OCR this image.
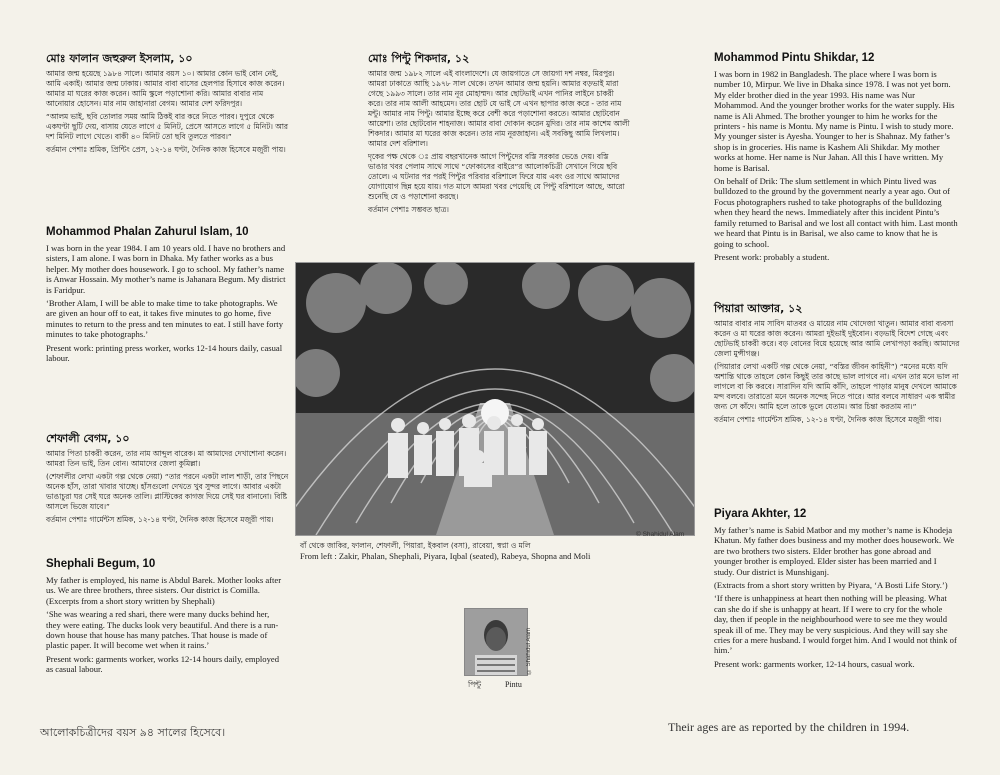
মোঃ ফালান জহুরুল ইসলাম, ১০

আমার জন্ম হয়েছে ১৯৮৪ সালে। আমার বয়স ১০। আমার কোন ভাই বোন নেই, আমি একাই। আমার জন্ম ঢাকায়। আমার বাবা বাসের হেলপার হিসাবে কাজ করেন। আমার মা ঘরের কাজ করেন। আমি স্কুলে পড়াশোনা করি। আমার বাবার নাম আনোয়ার হোসেন। মার নাম জাহানারা বেগম। আমার দেশ ফরিদপুর।

“আলম ভাই, ছবি তোলার সময় আমি ঠিকই বার করে নিতে পারব। দুপুরে থেকে একঘণ্টা ছুটি দেয়, বাসায় যেতে লাগে ৫ মিনিট, প্রেসে আসতে লাগে ৫ মিনিট। আর দশ মিনিট লাগে খেতে। বাকী ৪০ মিনিট তো ছবি তুলতে পারব।”

বর্তমান পেশাঃ শ্রমিক, প্রিন্টিং প্রেস, ১২-১৪ ঘণ্টা, দৈনিক কাজ হিসেবে মজুরী পায়।

Mohammod Phalan Zahurul Islam, 10

I was born in the year 1984. I am 10 years old. I have no brothers and sisters, I am alone. I was born in Dhaka. My father works as a bus helper. My mother does housework. I go to school. My father’s name is Anwar Hossain. My mother’s name is Jahanara Begum. My district is Faridpur.

‘Brother Alam, I will be able to make time to take photographs. We are given an hour off to eat, it takes five minutes to go home, five minutes to return to the press and ten minutes to eat. I still have forty minutes to take photographs.’

Present work: printing press worker, works 12-14 hours daily, casual labour.

শেফালী বেগম, ১০

আমার পিতা চাকরী করেন, তার নাম আব্দুল বারেক। মা আমাদের দেখাশোনা করেন। আমরা তিন ভাই, তিন বোন। আমাদের জেলা কুমিল্লা।

(শেফালীর লেখা একটা গল্প থেকে নেয়া) “তার পরনে একটা লাল শাড়ী, তার পিছনে অনেক হাঁস, তারা খাবার খাচ্ছে। হাঁসগুলো দেখতে খুব সুন্দর লাগে। আবার একটা ভাঙাচুরা ঘর সেই ঘরে অনেক তালি। প্লাস্টিকের কাগজ দিয়ে সেই ঘর বানানো। বিষ্টি আসলে ভিজে যাবে।”

বর্তমান পেশাঃ গার্মেন্টস শ্রমিক, ১২-১৪ ঘণ্টা, দৈনিক কাজ হিসেবে মজুরী পায়।

Shephali Begum, 10

My father is employed, his name is Abdul Barek. Mother looks after us. We are three brothers, three sisters. Our district is Comilla. (Excerpts from a short story written by Shephali)

‘She was wearing a red shari, there were many ducks behind her, they were eating. The ducks look very beautiful. And there is a run-down house that house has many patches. That house is made of plastic paper. It will become wet when it rains.’

Present work: garments worker, works 12-14 hours daily, employed as casual labour.

মোঃ পিন্টু শিকদার, ১২

আমার জন্ম ১৯৮২ সালে এই বাংলাদেশে। যে জায়গাতে সে জায়গা দশ নম্বর, মিরপুর। আমরা ঢাকাতে আছি ১৯৭৮ সাল থেকে। তখন আমার জন্ম হয়নি। আমার বড়ভাই মারা গেছে ১৯৯৩ সালে। তার নাম নূর মোহাম্মদ। আর ছোটভাই এখন পানির লাইনে চাকরী করে। তার নাম আলী আহমেদ। তার ছোট যে ভাই সে এখন ছাপার কাজ করে - তার নাম মন্টু। আমার নাম পিন্টু। আমার ইচ্ছে করে বেশী করে পড়াশোনা করতে। আমার ছোটবোন আয়েশা। তার ছোটবোন শাহনাজ। আমার বাবা দোকান করেন মুদির। তার নাম কাশেম আলী শিকদার। আমার মা ঘরের কাজ করেন। তার নাম নূরজাহান। এই সবকিছু আমি লিখলাম। আমার দেশ বরিশাল।

দৃকের পক্ষ থেকে ঃ প্রায় বছরখানেক আগে পিন্টুদের বস্তি সরকার ভেঙে দেয়। বস্তি ভাঙার খবর পেলাম সাথে সাথে “ফোকাসের বাইরে”র আলোকচিত্রী সেখানে গিয়ে ছবি তোলে। এ ঘটনার পর পরই পিন্টুর পরিবার বরিশালে ফিরে যায় এবং ওর সাথে আমাদের যোগাযোগ ছিন্ন হয়ে যায়। গত মাসে আমরা খবর পেয়েছি যে পিন্টু বরিশালে আছে, আরো শুনেছি যে ও পড়াশোনা করছে।

বর্তমান পেশাঃ সম্ভবত ছাত্র।

© Shahidul Alam
বাঁ থেকে জাকির, ফালান, শেফালী, পিয়ারা, ইকবাল (বসা), রাবেয়া, স্বপ্না ও মলি
From left : Zakir, Phalan, Shephali, Piyara, Iqbal (seated), Rabeya, Shopna and Moli
© Shahidul Alam
পিন্টু	Pintu
Mohammod Pintu Shikdar, 12

I was born in 1982 in Bangladesh. The place where I was born is number 10, Mirpur. We live in Dhaka since 1978. I was not yet born. My elder brother died in the year 1993. His name was Nur Mohammod. And the younger brother works for the water supply. His name is Ali Ahmed. The brother younger to him he works for the printers - his name is Montu. My name is Pintu. I wish to study more. My younger sister is Ayesha. Younger to her is Shahnaz. My father’s shop is in groceries. His name is Kashem Ali Shikdar. My mother works at home. Her name is Nur Jahan. All this I have written. My home is Barisal.

On behalf of Drik: The slum settlement in which Pintu lived was bulldozed to the ground by the government nearly a year ago. Out of Focus photographers rushed to take photographs of the bulldozing when they heard the news. Immediately after this incident Pintu’s family returned to Barisal and we lost all contact with him. Last month we heard that Pintu is in Barisal, we also came to know that he is going to school.

Present work: probably a student.

পিয়ারা আক্তার, ১২

আমার বাবার নাম সাবিদ মাতবর ও মায়ের নাম খোদেজা খাতুন। আমার বাবা ব্যবসা করেন ও মা ঘরের কাজ করেন। আমরা দুইভাই দুইবোন। বড়ভাই বিদেশ গেছে এবং ছোটভাই চাকরী করে। বড় বোনের বিয়ে হয়েছে আর আমি লেখাপড়া করছি। আমাদের জেলা মুন্সীগঞ্জ।

(পিয়ারার লেখা একটি গল্প থেকে নেয়া, “বস্তির জীবন কাহিনী”) “মনের মধ্যে যদি অশান্তি থাকে তাহলে কোন কিছুই তার কাছে ভাল লাগবে না। এখন তার মনে ভাল না লাগলে বা কি করবে। সারাদিন যদি আমি কাঁদি, তাহলে পাড়ার মানুষ দেখলে আমাকে মন্দ বলবে। তারাতো মনে অনেক সন্দেহ নিতে পারে। আর বলবে সাধারণ এক স্বামীর জন্য সে কাঁদে। আমি হলে তাকে ভুলে যেতাম। আর চিন্তা করতাম না।”

বর্তমান পেশাঃ গার্মেন্টস শ্রমিক, ১২-১৪ ঘণ্টা, দৈনিক কাজ হিসেবে মজুরী পায়।

Piyara Akhter, 12

My father’s name is Sabid Matbor and my mother’s name is Khodeja Khatun. My father does business and my mother does housework. We are two brothers two sisters. Elder brother has gone abroad and younger brother is employed. Elder sister has been married and I study. Our district is Munshiganj.

(Extracts from a short story written by Piyara, ‘A Bosti Life Story.’)

‘If there is unhappiness at heart then nothing will be pleasing. What can she do if she is unhappy at heart. If I were to cry for the whole day, then if people in the neighbourhood were to see me they would speak ill of me. They may be very suspicious. And they will say she cries for a mere husband. I would forget him. And I would not think of him.’

Present work: garments worker, 12-14 hours, casual work.

আলোকচিত্রীদের বয়স ৯৪ সালের হিসেবে।	Their ages are as reported by the children in 1994.
